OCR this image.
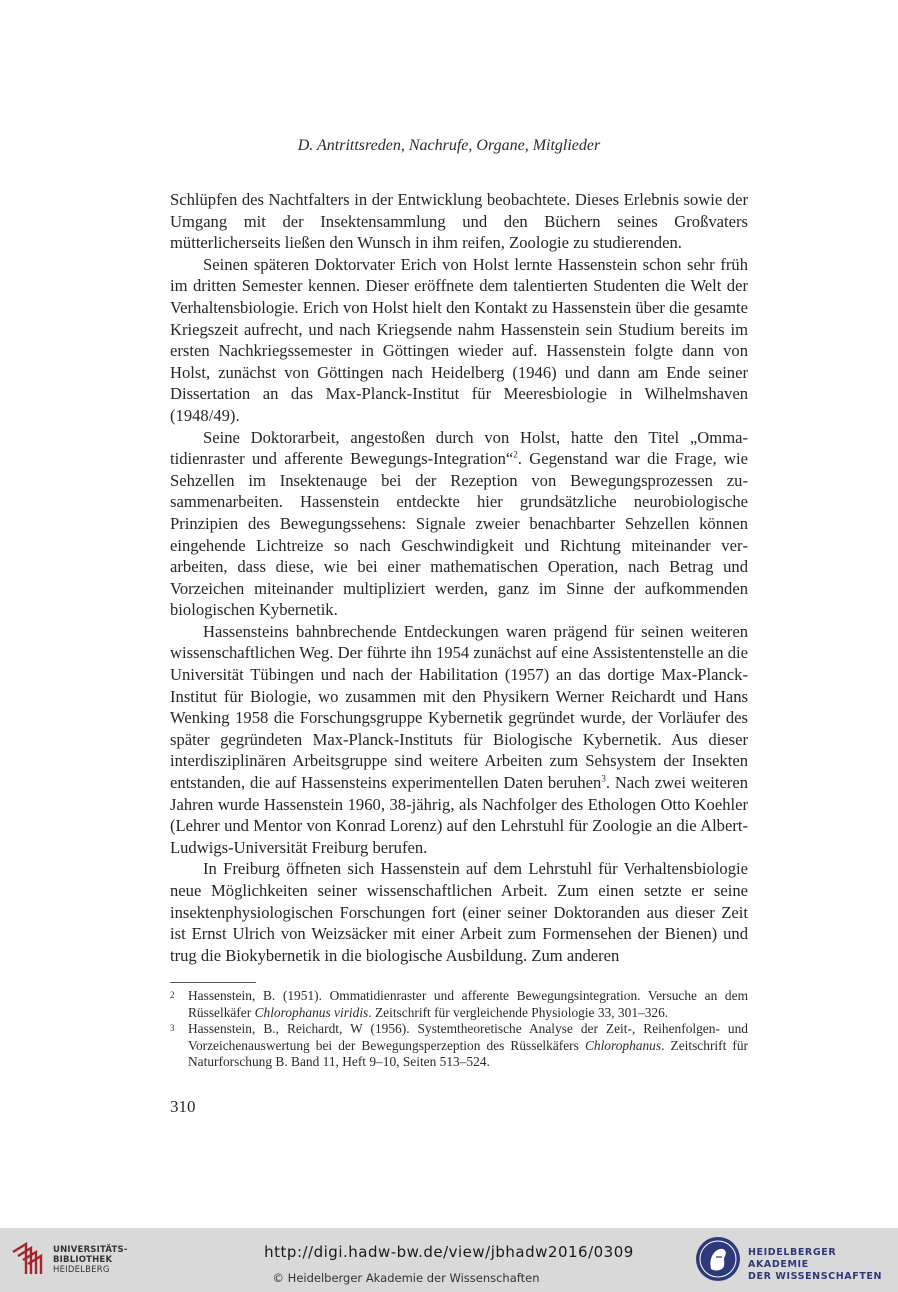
D. Antrittsreden, Nachrufe, Organe, Mitglieder

Schlüpfen des Nachtfalters in der Entwicklung beobachtete. Dieses Erlebnis sowie der Umgang mit der Insektensammlung und den Büchern seines Großvaters mütterlicherseits ließen den Wunsch in ihm reifen, Zoologie zu studierenden.

Seinen späteren Doktorvater Erich von Holst lernte Hassenstein schon sehr früh im dritten Semester kennen. Dieser eröffnete dem talentierten Studenten die Welt der Verhaltensbiologie. Erich von Holst hielt den Kontakt zu Hassenstein über die gesamte Kriegszeit aufrecht, und nach Kriegsende nahm Hassenstein sein Studium bereits im ersten Nachkriegssemester in Göttingen wieder auf. Hassenstein folgte dann von Holst, zunächst von Göttingen nach Heidelberg (1946) und dann am Ende seiner Dissertation an das Max-Planck-Institut für Meeresbiologie in Wilhelmshaven (1948/49).

Seine Doktorarbeit, angestoßen durch von Holst, hatte den Titel „Ommatidienraster und afferente Bewegungs-Integration“$^2$. Gegenstand war die Frage, wie Sehzellen im Insektenauge bei der Rezeption von Bewegungsprozessen zusammenarbeiten. Hassenstein entdeckte hier grundsätzliche neurobiologische Prinzipien des Bewegungssehens: Signale zweier benachbarter Sehzellen können eingehende Lichtreize so nach Geschwindigkeit und Richtung miteinander verarbeiten, dass diese, wie bei einer mathematischen Operation, nach Betrag und Vorzeichen miteinander multipliziert werden, ganz im Sinne der aufkommenden biologischen Kybernetik.

Hassensteins bahnbrechende Entdeckungen waren prägend für seinen weiteren wissenschaftlichen Weg. Der führte ihn 1954 zunächst auf eine Assistentenstelle an die Universität Tübingen und nach der Habilitation (1957) an das dortige Max-Planck-Institut für Biologie, wo zusammen mit den Physikern Werner Reichardt und Hans Wenking 1958 die Forschungsgruppe Kybernetik gegründet wurde, der Vorläufer des später gegründeten Max-Planck-Instituts für Biologische Kybernetik. Aus dieser interdisziplinären Arbeitsgruppe sind weitere Arbeiten zum Sehsystem der Insekten entstanden, die auf Hassensteins experimentellen Daten beruhen$^3$. Nach zwei weiteren Jahren wurde Hassenstein 1960, 38-jährig, als Nachfolger des Ethologen Otto Koehler (Lehrer und Mentor von Konrad Lorenz) auf den Lehrstuhl für Zoologie an die Albert-Ludwigs-Universität Freiburg berufen.

In Freiburg öffneten sich Hassenstein auf dem Lehrstuhl für Verhaltensbiologie neue Möglichkeiten seiner wissenschaftlichen Arbeit. Zum einen setzte er seine insektenphysiologischen Forschungen fort (einer seiner Doktoranden aus dieser Zeit ist Ernst Ulrich von Weizsäcker mit einer Arbeit zum Formensehen der Bienen) und trug die Biokybernetik in die biologische Ausbildung. Zum anderen

2 Hassenstein, B. (1951). Ommatidienraster und afferente Bewegungsintegration. Versuche an dem Rüsselkäfer Chlorophanus viridis. Zeitschrift für vergleichende Physiologie 33, 301–326.
3 Hassenstein, B., Reichardt, W (1956). Systemtheoretische Analyse der Zeit-, Reihenfolgen- und Vorzeichenauswertung bei der Bewegungsperzeption des Rüsselkäfers Chlorophanus. Zeitschrift für Naturforschung B. Band 11, Heft 9–10, Seiten 513–524.
310
UNIVERSITÄTS-
BIBLIOTHEK
HEIDELBERG
http://digi.hadw-bw.de/view/jbhadw2016/0309
© Heidelberger Akademie der Wissenschaften
HEIDELBERGER AKADEMIE
DER WISSENSCHAFTEN
